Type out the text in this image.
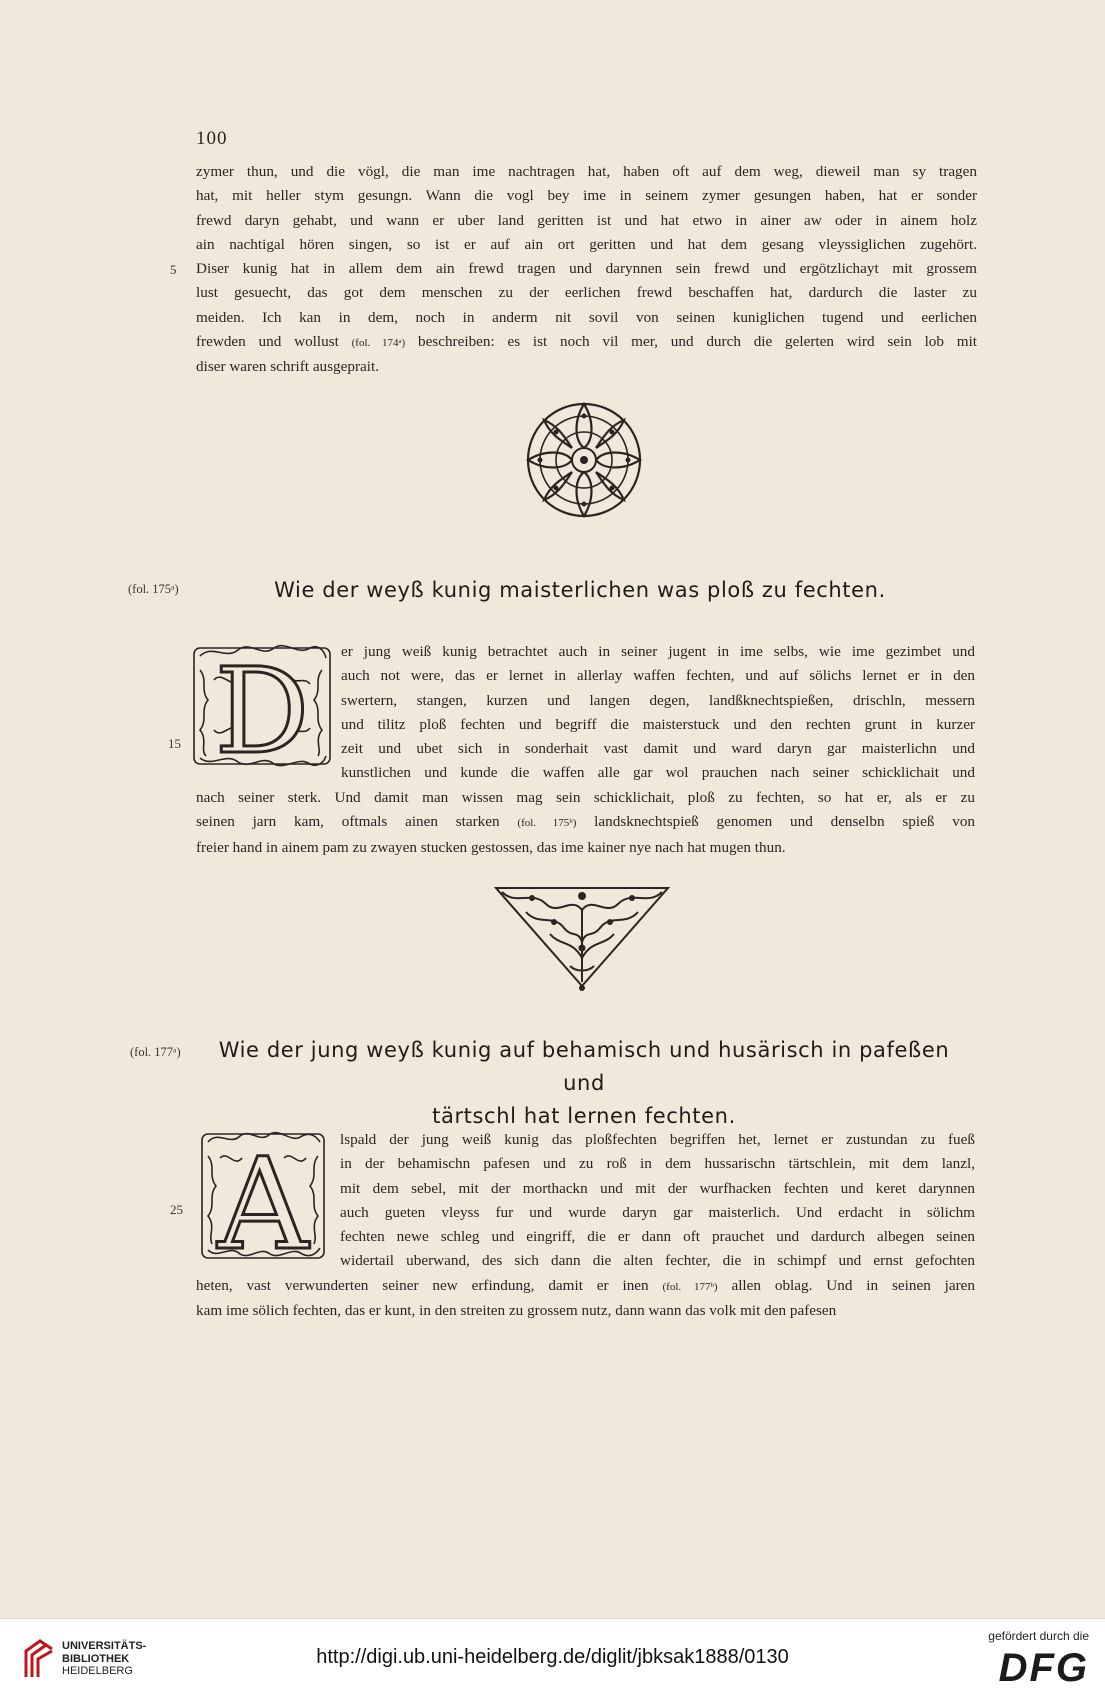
100
zymer thun, und die vögl, die man ime nachtragen hat, haben oft auf dem weg, dieweil man sy tragen
hat, mit heller stym gesungn. Wann die vogl bey ime in seinem zymer gesungen haben, hat er sonder
frewd daryn gehabt, und wann er uber land geritten ist und hat etwo in ainer aw oder in ainem holz
ain nachtigal hören singen, so ist er auf ain ort geritten und hat dem gesang vleyssiglichen zugehört.
Diser kunig hat in allem dem ain frewd tragen und darynnen sein frewd und ergötzlichayt mit grossem
lust gesuecht, das got dem menschen zu der eerlichen frewd beschaffen hat, dardurch die laster zu
meiden. Ich kan in dem, noch in anderm nit sovil von seinen kuniglichen tugend und eerlichen
frewden und wollust (fol. 174ᵃ) beschreiben: es ist noch vil mer, und durch die gelerten wird sein lob mit
diser waren schrift ausgeprait.
5
(fol. 175ᵃ)	Wie der weyß kunig maisterlichen was ploß zu fechten.
D er jung weiß kunig betrachtet auch in seiner jugent in ime selbs, wie ime gezimbet und
auch not were, das er lernet in allerlay waffen fechten, und auf sölichs lernet er in den
swertern, stangen, kurzen und langen degen, landßknechtspießen, drischln, messern
und tilitz ploß fechten und begriff die maisterstuck und den rechten grunt in kurzer
zeit und ubet sich in sonderhait vast damit und ward daryn gar maisterlichn und
kunstlichen und kunde die waffen alle gar wol prauchen nach seiner schicklichait und
nach seiner sterk. Und damit man wissen mag sein schicklichait, ploß zu fechten, so hat er, als er zu
seinen jarn kam, oftmals ainen starken (fol. 175ᵇ) landsknechtspieß genomen und denselbn spieß von
freier hand in ainem pam zu zwayen stucken gestossen, das ime kainer nye nach hat mugen thun.
15
(fol. 177ᵃ)	Wie der jung weyß kunig auf behamisch und husärisch in pafeßen und
tärtschl hat lernen fechten.
A lspald der jung weiß kunig das ploßfechten begriffen het, lernet er zustundan zu fueß
in der behamischn pafesen und zu roß in dem hussarischn tärtschlein, mit dem lanzl,
mit dem sebel, mit der morthackn und mit der wurfhacken fechten und keret darynnen
auch gueten vleyss fur und wurde daryn gar maisterlich. Und erdacht in sölichm
fechten newe schleg und eingriff, die er dann oft prauchet und dardurch albegen seinen
widertail uberwand, des sich dann die alten fechter, die in schimpf und ernst gefochten
heten, vast verwunderten seiner new erfindung, damit er inen (fol. 177ᵇ) allen oblag. Und in seinen jaren
kam ime sölich fechten, das er kunt, in den streiten zu grossem nutz, dann wann das volk mit den pafesen
25
UNIVERSITÄTS-
BIBLIOTHEK
HEIDELBERG
http://digi.ub.uni-heidelberg.de/diglit/jbksak1888/0130
gefördert durch die
DFG
